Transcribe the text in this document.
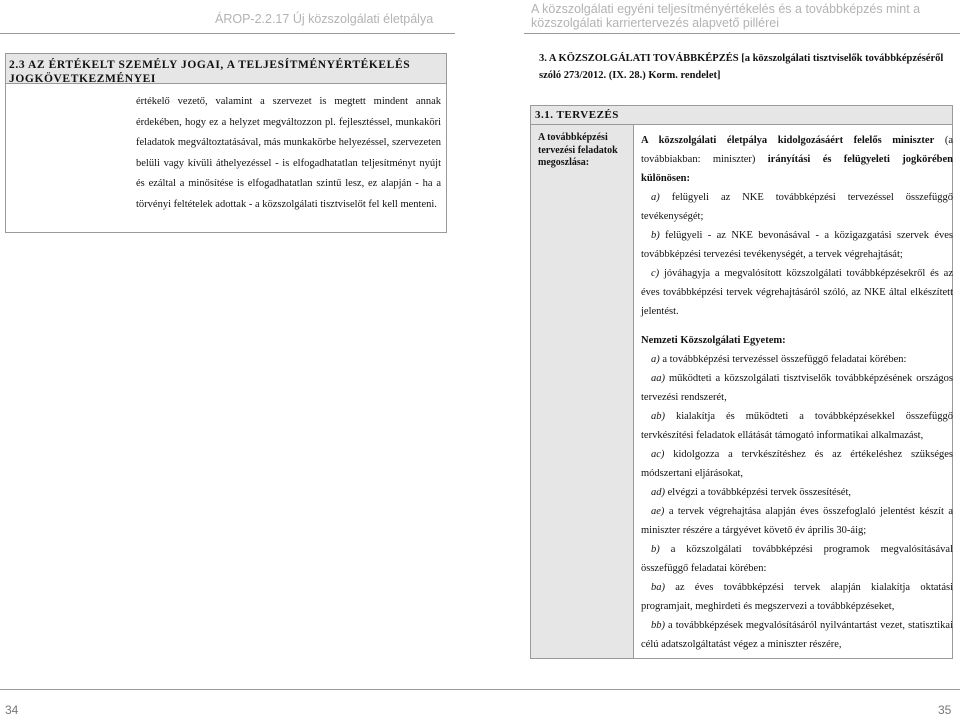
ÁROP-2.2.17 Új közszolgálati életpálya
A közszolgálati egyéni teljesítményértékelés és a továbbképzés mint a
közszolgálati karriertervezés alapvető pillérei
2.3 AZ ÉRTÉKELT SZEMÉLY JOGAI, A TELJESÍTMÉNYÉRTÉKELÉS
JOGKÖVETKEZMÉNYEI
értékelő vezető, valamint a szervezet is megtett mindent annak érdekében, hogy ez a helyzet megváltozzon pl. fejlesztéssel, munkaköri feladatok megváltoztatásával, más munkakörbe helyezéssel, szervezeten belüli vagy kívüli áthelyezéssel - is elfogadhatatlan teljesítményt nyújt és ezáltal a minősítése is elfogadhatatlan szintű lesz, ez alapján - ha a törvényi feltételek adottak - a közszolgálati tisztviselőt fel kell menteni.
3. A KÖZSZOLGÁLATI TOVÁBBKÉPZÉS [a közszolgálati tisztviselők továbbképzéséről szóló 273/2012. (IX. 28.) Korm. rendelet]
3.1. TERVEZÉS
A továbbképzési tervezési feladatok megoszlása:

A közszolgálati életpálya kidolgozásáért felelős miniszter (a továbbiakban: miniszter) irányítási és felügyeleti jogkörében különösen:

a) felügyeli az NKE továbbképzési tervezéssel összefüggő tevékenységét;

b) felügyeli - az NKE bevonásával - a közigazgatási szervek éves továbbképzési tervezési tevékenységét, a tervek végrehajtását;

c) jóváhagyja a megvalósított közszolgálati továbbképzésekről és az éves továbbképzési tervek végrehajtásáról szóló, az NKE által elkészített jelentést.

Nemzeti Közszolgálati Egyetem:

a) a továbbképzési tervezéssel összefüggő feladatai körében:

aa) működteti a közszolgálati tisztviselők továbbképzésének országos tervezési rendszerét,

ab) kialakítja és működteti a továbbképzésekkel összefüggő tervkészítési feladatok ellátását támogató informatikai alkalmazást,

ac) kidolgozza a tervkészítéshez és az értékeléshez szükséges módszertani eljárásokat,

ad) elvégzi a továbbképzési tervek összesítését,

ae) a tervek végrehajtása alapján éves összefoglaló jelentést készít a miniszter részére a tárgyévet követő év április 30-áig;

b) a közszolgálati továbbképzési programok megvalósításával összefüggő feladatai körében:

ba) az éves továbbképzési tervek alapján kialakítja oktatási programjait, meghirdeti és megszervezi a továbbképzéseket,

bb) a továbbképzések megvalósításáról nyilvántartást vezet, statisztikai célú adatszolgáltatást végez a miniszter részére,

34	35
